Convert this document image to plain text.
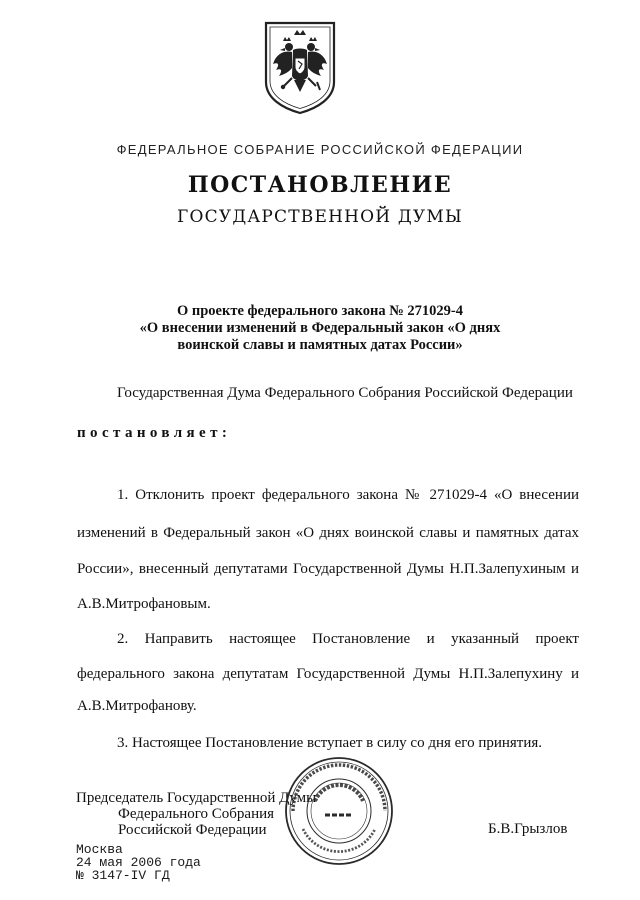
ФЕДЕРАЛЬНОЕ СОБРАНИЕ РОССИЙСКОЙ ФЕДЕРАЦИИ
ПОСТАНОВЛЕНИЕ
ГОСУДАРСТВЕННОЙ ДУМЫ
О проекте федерального закона № 271029-4
«О внесении изменений в Федеральный закон «О днях
воинской славы и памятных датах России»
Государственная Дума Федерального Собрания Российской Федерации
постановляет:
1. Отклонить проект федерального закона № 271029-4 «О внесении
изменений в Федеральный закон «О днях воинской славы и памятных датах
России», внесенный депутатами Государственной Думы Н.П.Залепухиным и
А.В.Митрофановым.
2. Направить настоящее Постановление и указанный проект
федерального закона депутатам Государственной Думы Н.П.Залепухину и
А.В.Митрофанову.
3. Настоящее Постановление вступает в силу со дня его принятия.
Председатель Государственной Думы
Федерального Собрания
Российской Федерации	Б.В.Грызлов
Москва
24 мая 2006 года
№ 3147-IV ГД
